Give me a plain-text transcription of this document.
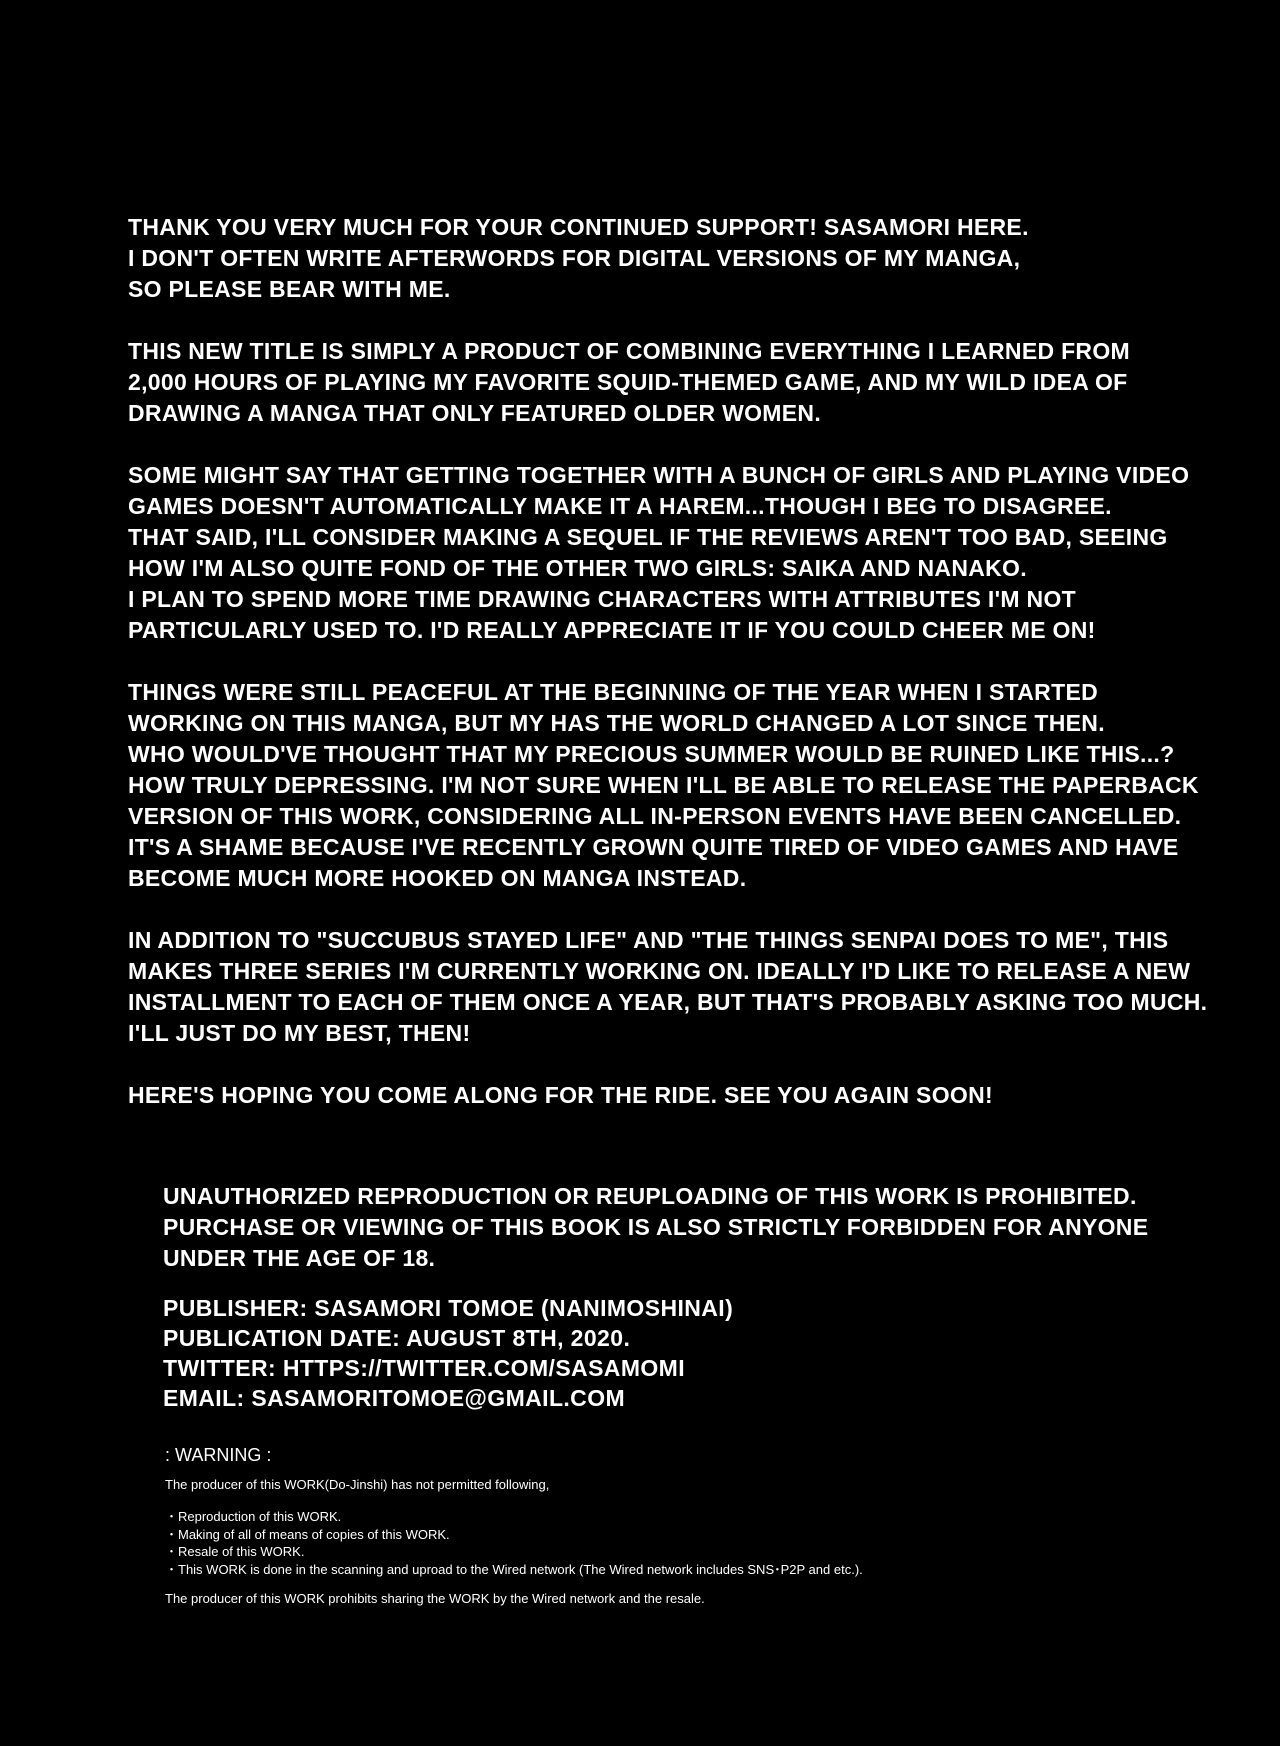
THANK YOU VERY MUCH FOR YOUR CONTINUED SUPPORT! SASAMORI HERE.
I DON'T OFTEN WRITE AFTERWORDS FOR DIGITAL VERSIONS OF MY MANGA,
SO PLEASE BEAR WITH ME.
THIS NEW TITLE IS SIMPLY A PRODUCT OF COMBINING EVERYTHING I LEARNED FROM
2,000 HOURS OF PLAYING MY FAVORITE SQUID-THEMED GAME, AND MY WILD IDEA OF
DRAWING A MANGA THAT ONLY FEATURED OLDER WOMEN.
SOME MIGHT SAY THAT GETTING TOGETHER WITH A BUNCH OF GIRLS AND PLAYING VIDEO
GAMES DOESN'T AUTOMATICALLY MAKE IT A HAREM...THOUGH I BEG TO DISAGREE.
THAT SAID, I'LL CONSIDER MAKING A SEQUEL IF THE REVIEWS AREN'T TOO BAD, SEEING
HOW I'M ALSO QUITE FOND OF THE OTHER TWO GIRLS: SAIKA AND NANAKO.
I PLAN TO SPEND MORE TIME DRAWING CHARACTERS WITH ATTRIBUTES I'M NOT
PARTICULARLY USED TO. I'D REALLY APPRECIATE IT IF YOU COULD CHEER ME ON!
THINGS WERE STILL PEACEFUL AT THE BEGINNING OF THE YEAR WHEN I STARTED
WORKING ON THIS MANGA, BUT MY HAS THE WORLD CHANGED A LOT SINCE THEN.
WHO WOULD'VE THOUGHT THAT MY PRECIOUS SUMMER WOULD BE RUINED LIKE THIS...?
HOW TRULY DEPRESSING. I'M NOT SURE WHEN I'LL BE ABLE TO RELEASE THE PAPERBACK
VERSION OF THIS WORK, CONSIDERING ALL IN-PERSON EVENTS HAVE BEEN CANCELLED.
IT'S A SHAME BECAUSE I'VE RECENTLY GROWN QUITE TIRED OF VIDEO GAMES AND HAVE
BECOME MUCH MORE HOOKED ON MANGA INSTEAD.
IN ADDITION TO "SUCCUBUS STAYED LIFE" AND "THE THINGS SENPAI DOES TO ME", THIS
MAKES THREE SERIES I'M CURRENTLY WORKING ON. IDEALLY I'D LIKE TO RELEASE A NEW
INSTALLMENT TO EACH OF THEM ONCE A YEAR, BUT THAT'S PROBABLY ASKING TOO MUCH.
I'LL JUST DO MY BEST, THEN!
HERE'S HOPING YOU COME ALONG FOR THE RIDE. SEE YOU AGAIN SOON!
UNAUTHORIZED REPRODUCTION OR REUPLOADING OF THIS WORK IS PROHIBITED.
PURCHASE OR VIEWING OF THIS BOOK IS ALSO STRICTLY FORBIDDEN FOR ANYONE
UNDER THE AGE OF 18.
PUBLISHER: SASAMORI TOMOE (NANIMOSHINAI)
PUBLICATION DATE: AUGUST 8TH, 2020.
TWITTER: HTTPS://TWITTER.COM/SASAMOMI
EMAIL: SASAMORITOMOE@GMAIL.COM
: WARNING :
The producer of this WORK(Do-Jinshi) has not permitted following,
・Reproduction of this WORK.
・Making of all of means of copies of this WORK.
・Resale of this WORK.
・This WORK is done in the scanning and uproad to the Wired network (The Wired network includes SNS･P2P and etc.).
The producer of this WORK prohibits sharing the WORK by the Wired network and the resale.
